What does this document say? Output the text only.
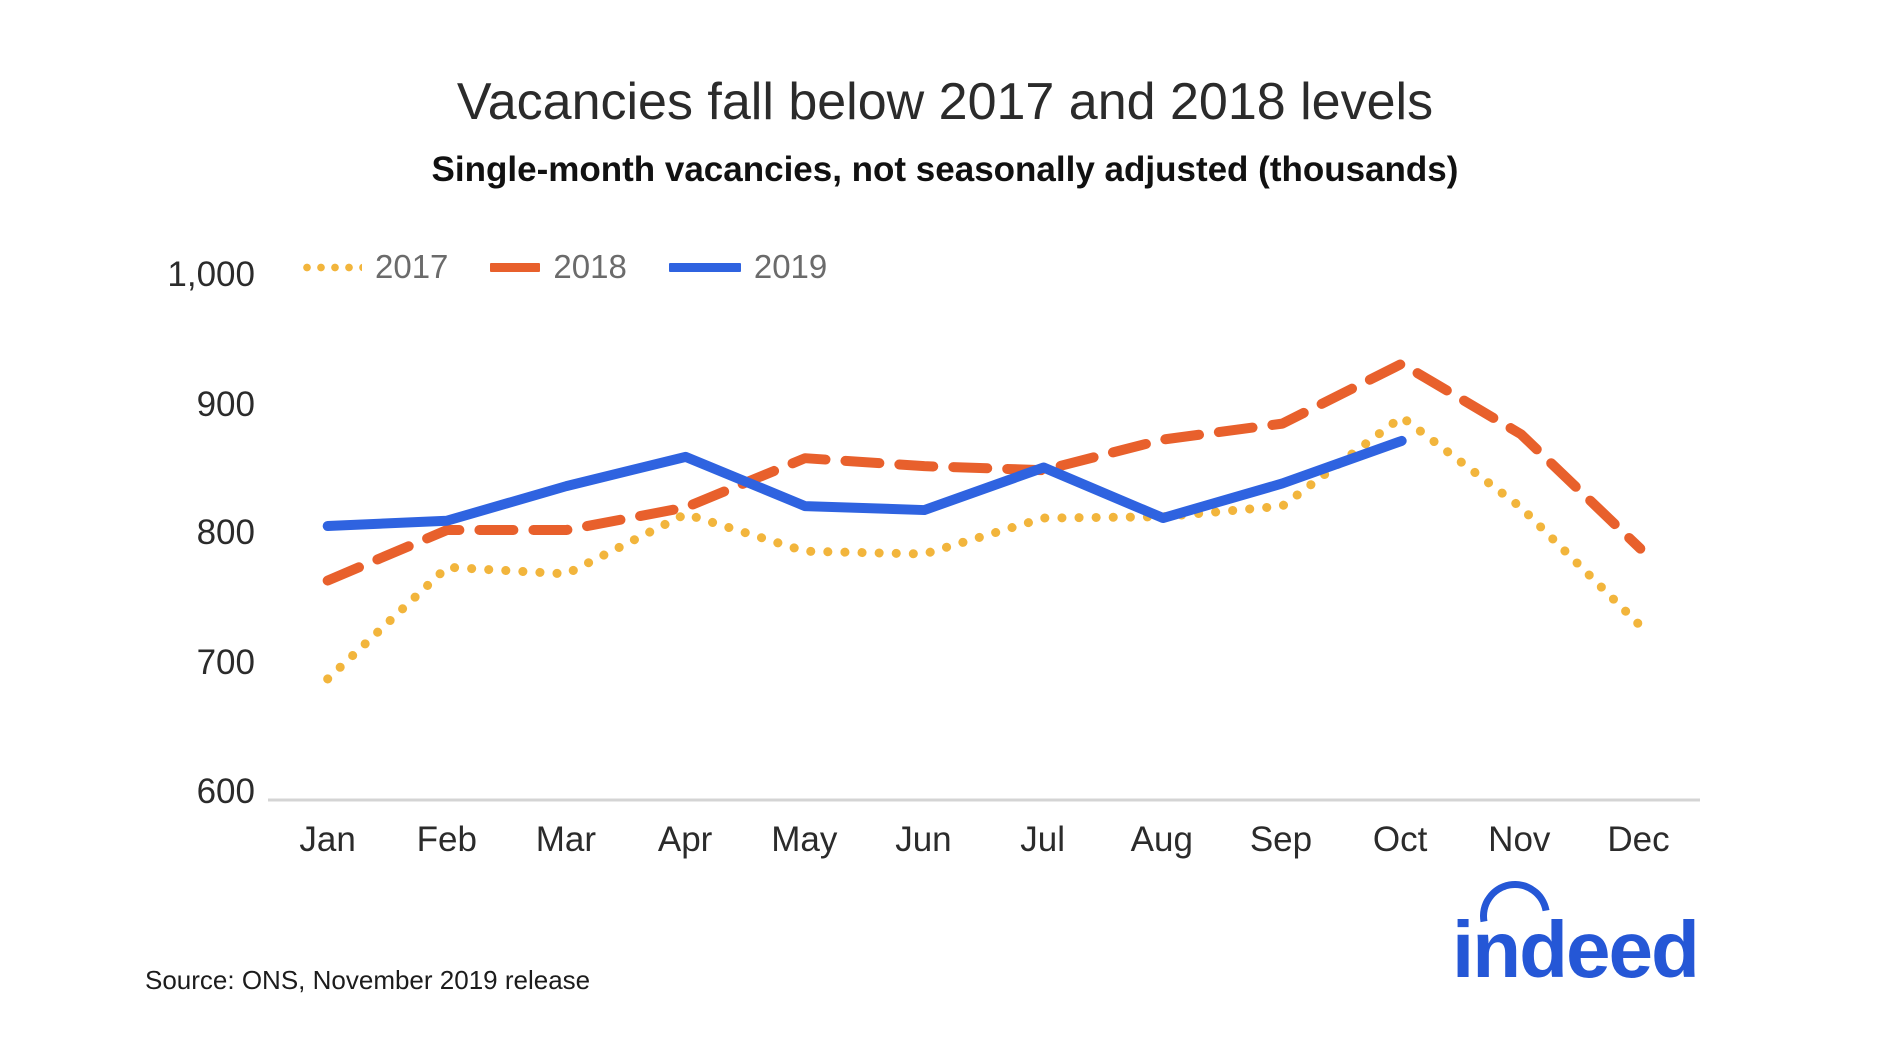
Vacancies fall below 2017 and 2018 levels
Single-month vacancies, not seasonally adjusted (thousands)
2017	2018	2019
1,000
900
800
700
600
Jan	Feb	Mar	Apr	May	Jun	Jul	Aug	Sep	Oct	Nov	Dec
Source: ONS, November 2019 release	indeed
